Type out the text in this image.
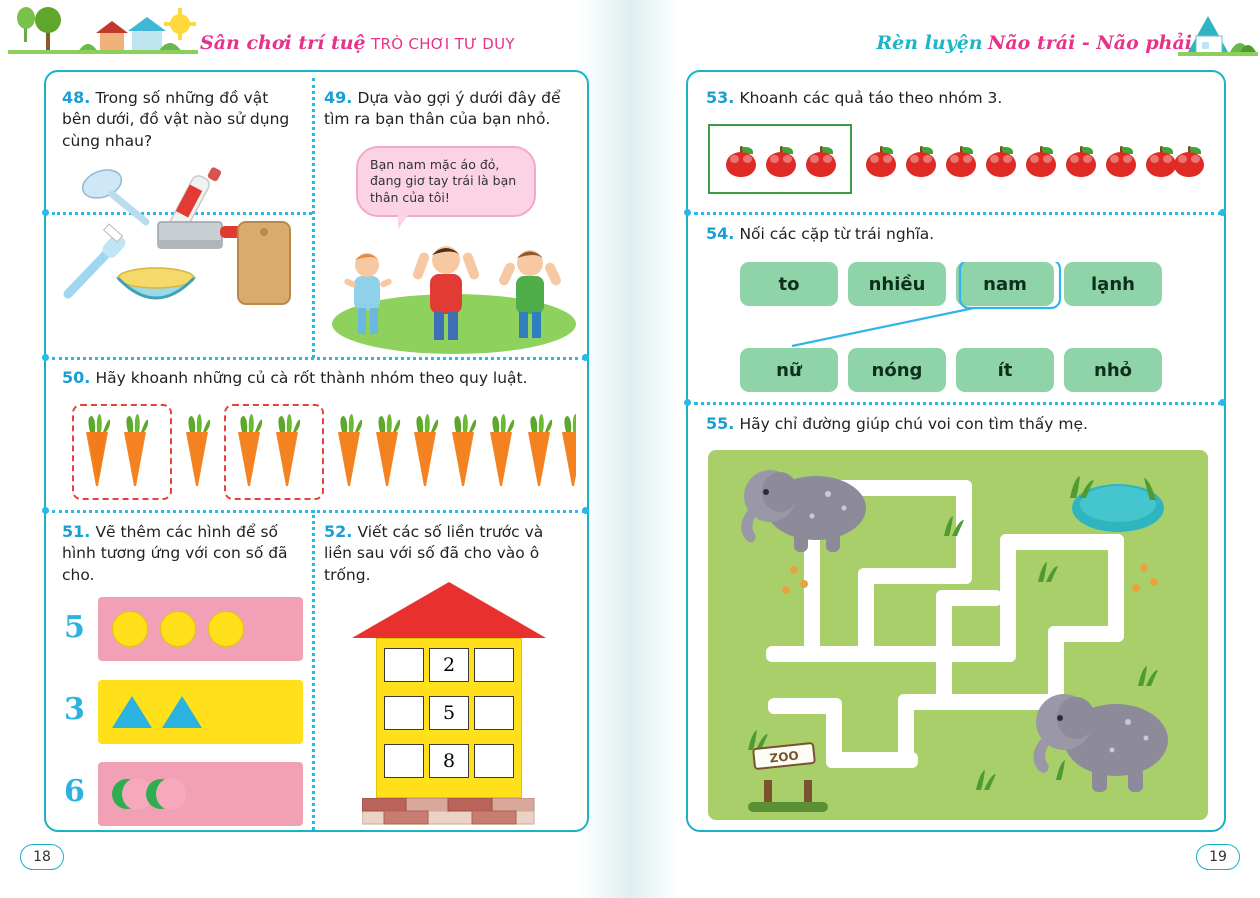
Sân chơi trí tuệ TRÒ CHƠI TƯ DUY
48. Trong số những đồ vật bên dưới, đồ vật nào sử dụng cùng nhau?
49. Dựa vào gợi ý dưới đây để tìm ra bạn thân của bạn nhỏ.
Bạn nam mặc áo đỏ, đang giơ tay trái là bạn thân của tôi!
50. Hãy khoanh những củ cà rốt thành nhóm theo quy luật.
51. Vẽ thêm các hình để số hình tương ứng với con số đã cho.
5
3
6
52. Viết các số liền trước và liền sau với số đã cho vào ô trống.
2
5
8
18
Rèn luyện Não trái - Não phải
53. Khoanh các quả táo theo nhóm 3.
54. Nối các cặp từ trái nghĩa.
to	nhiều	nam	lạnh
nữ	nóng	ít	nhỏ
55. Hãy chỉ đường giúp chú voi con tìm thấy mẹ.
ZOO
19
